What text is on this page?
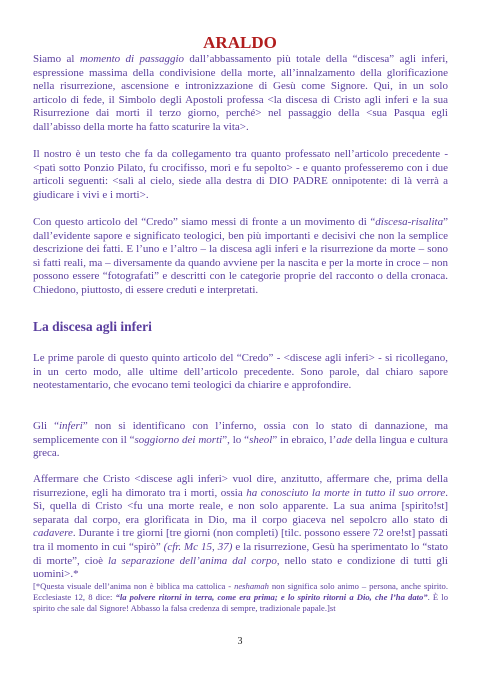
ARALDO

Siamo al momento di passaggio dall’abbassamento più totale della “discesa” agli inferi, espressione massima della condivisione della morte, all’innalzamento della glorificazione nella risurrezione, ascensione e intronizzazione di Gesù come Signore. Qui, in un solo articolo di fede, il Simbolo degli Apostoli professa <la discesa di Cristo agli inferi e la sua Risurrezione dai morti il terzo giorno, perché> nel passaggio della <sua Pasqua egli dall’abisso della morte ha fatto scaturire la vita>.

Il nostro è un testo che fa da collegamento tra quanto professato nell’articolo precedente - <patì sotto Ponzio Pilato, fu crocifisso, morì e fu sepolto> - e quanto professeremo con i due articoli seguenti: <salì al cielo, siede alla destra di DIO PADRE onnipotente: di là verrà a giudicare i vivi e i morti>.

Con questo articolo del “Credo” siamo messi di fronte a un movimento di “discesa-risalita” dall’evidente sapore e significato teologici, ben più importanti e decisivi che non la semplice descrizione dei fatti. E l’uno e l’altro – la discesa agli inferi e la risurrezione da morte – sono sì fatti reali, ma – diversamente da quando avviene per la nascita e per la morte in croce – non possono essere “fotografati” e descritti con le categorie proprie del racconto o della cronaca. Chiedono, piuttosto, di essere creduti e interpretati.

La discesa agli inferi

Le prime parole di questo quinto articolo del “Credo” - <discese agli inferi> - si ricollegano, in un certo modo, alle ultime dell’articolo precedente. Sono parole, dal chiaro sapore neotestamentario, che evocano temi teologici da chiarire e approfondire.

Gli “inferi” non si identificano con l’inferno, ossia con lo stato di dannazione, ma semplicemente con il “soggiorno dei morti”, lo “sheol” in ebraico, l’ade della lingua e cultura greca.

Affermare che Cristo <discese agli inferi> vuol dire, anzitutto, affermare che, prima della risurrezione, egli ha dimorato tra i morti, ossia ha conosciuto la morte in tutto il suo orrore. Sì, quella di Cristo <fu una morte reale, e non solo apparente. La sua anima [spirito!st] separata dal corpo, era glorificata in Dio, ma il corpo giaceva nel sepolcro allo stato di cadavere. Durante i tre giorni [tre giorni (non completi) [tilc. possono essere 72 ore!st] passati tra il momento in cui “spirò” (cfr. Mc 15, 37) e la risurrezione, Gesù ha sperimentato lo “stato di morte”, cioè la separazione dell’anima dal corpo, nello stato e condizione di tutti gli uomini>.*

[*Questa visuale dell’anima non è biblica ma cattolica - neshamah non significa solo animo – persona, anche spirito. Ecclesiaste 12, 8 dice: “la polvere ritorni in terra, come era prima; e lo spirito ritorni a Dio, che l’ha dato”. È lo spirito che sale dal Signore! Abbasso la falsa credenza di sempre, tradizionale papale.]st

3
